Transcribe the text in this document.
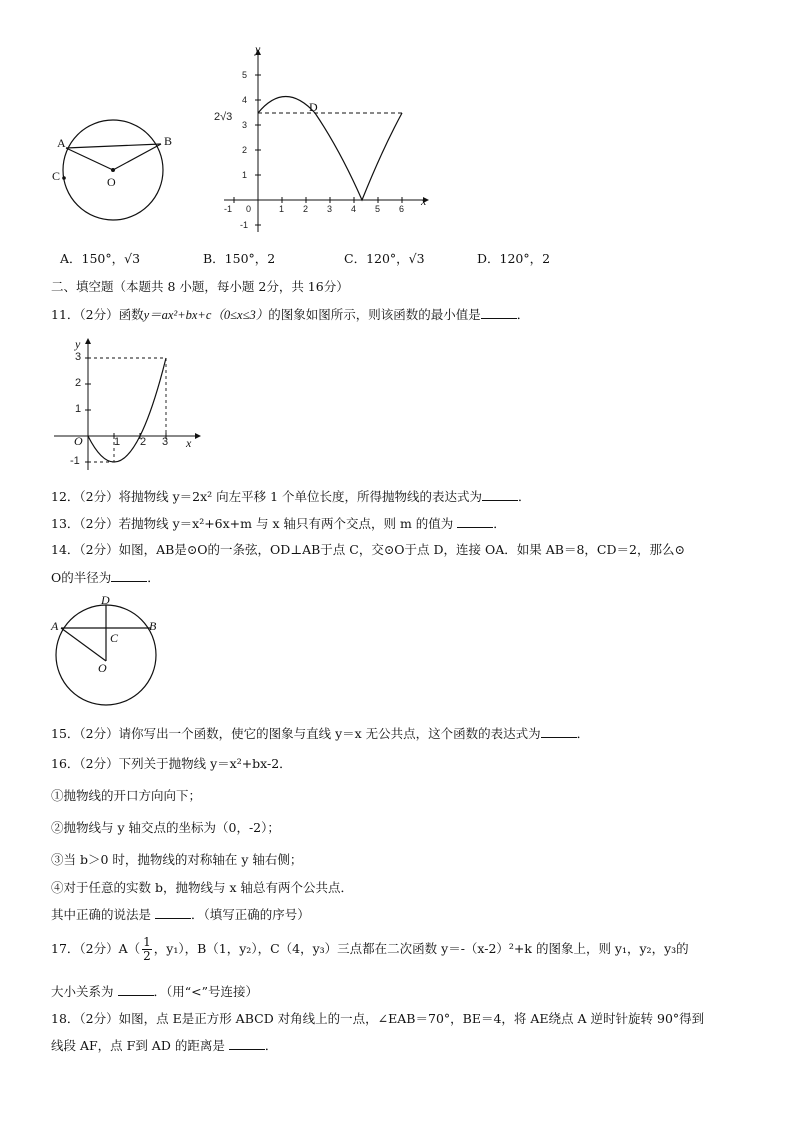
A	B
C	O
y
x
5
4
3
2
1
-1
-1 0	1 2 3 4 5 6
D
2√3
A．150°，√3	B．150°，2	C．120°，√3	D．120°，2
二、填空题（本题共 8 小题，每小题 2分，共 16分）
11．（2分）函数y＝ax²+bx+c（0≤x≤3）的图象如图所示，则该函数的最小值是	．
y
x
O
3
2
1
-1
1 2 3
12．（2分）将抛物线 y＝2x² 向左平移 1 个单位长度，所得抛物线的表达式为	．
13．（2分）若抛物线 y＝x²+6x+m 与 x 轴只有两个交点，则 m 的值为	．
14．（2分）如图，AB是⊙O的一条弦，OD⊥AB于点 C，交⊙O于点 D，连接 OA．如果 AB＝8，CD＝2，那么⊙
O的半径为	．
D
A	B
C
O
15．（2分）请你写出一个函数，使它的图象与直线 y＝x 无公共点，这个函数的表达式为	．
16．（2分）下列关于抛物线 y＝x²+bx-2．
①抛物线的开口方向向下；
②抛物线与 y 轴交点的坐标为（0，-2）；
③当 b＞0 时，抛物线的对称轴在 y 轴右侧；
④对于任意的实数 b，抛物线与 x 轴总有两个公共点．
其中正确的说法是	．（填写正确的序号）
17．（2分）$A( \frac{1}{2}$ ，y₁），B（1，y₂），C（4，y₃）三点都在二次函数 y＝-（x-2）²+k 的图象上，则 y₁，y₂，y₃的
大小关系为	．（用“<”号连接）
18．（2分）如图，点 E是正方形 ABCD 对角线上的一点，∠EAB＝70°，BE＝4，将 AE绕点 A 逆时针旋转 90°得到
线段 AF，点 F到 AD 的距离是	．
